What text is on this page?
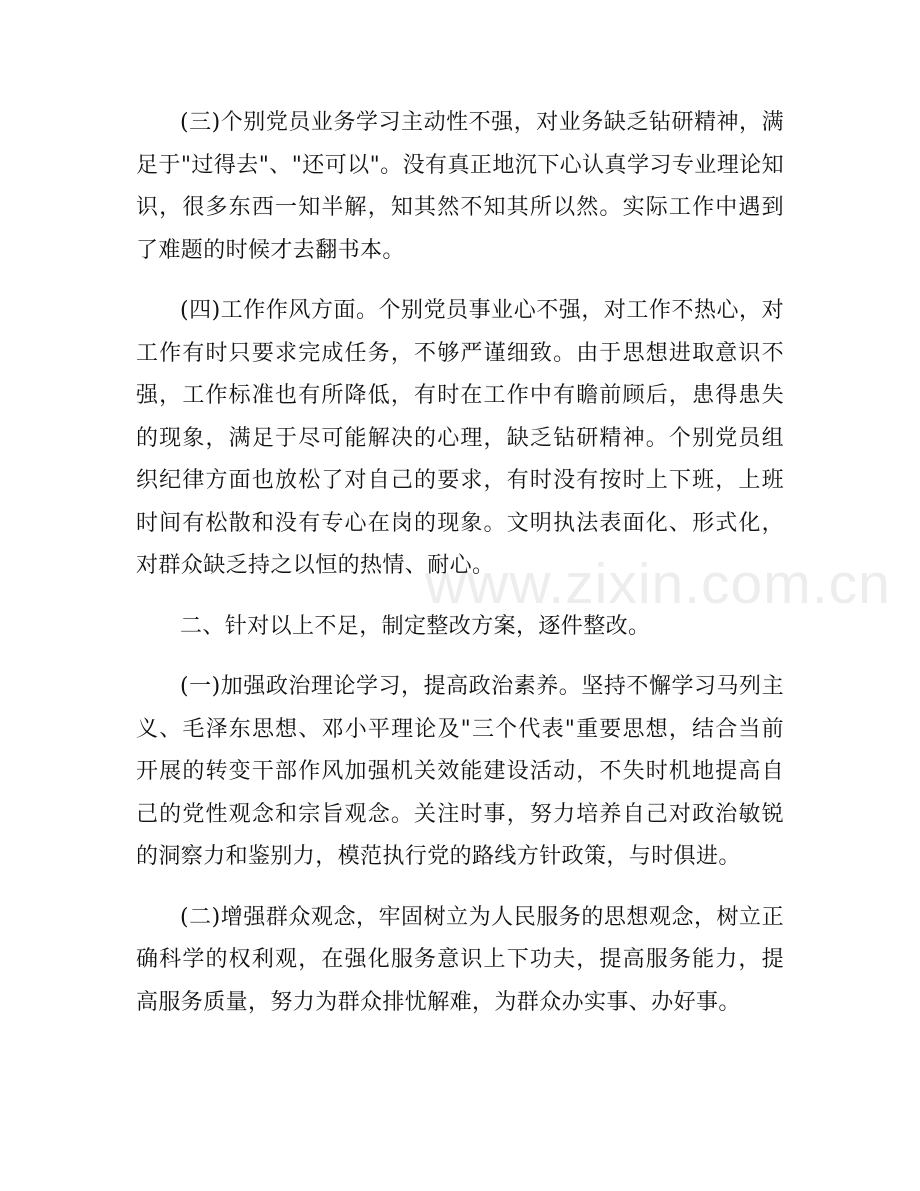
(三)个别党员业务学习主动性不强，对业务缺乏钻研精神，满足于"过得去"、"还可以"。没有真正地沉下心认真学习专业理论知识，很多东西一知半解，知其然不知其所以然。实际工作中遇到了难题的时候才去翻书本。

(四)工作作风方面。个别党员事业心不强，对工作不热心，对工作有时只要求完成任务，不够严谨细致。由于思想进取意识不强，工作标准也有所降低，有时在工作中有瞻前顾后，患得患失的现象，满足于尽可能解决的心理，缺乏钻研精神。个别党员组织纪律方面也放松了对自己的要求，有时没有按时上下班，上班时间有松散和没有专心在岗的现象。文明执法表面化、形式化，对群众缺乏持之以恒的热情、耐心。

二、针对以上不足，制定整改方案，逐件整改。

(一)加强政治理论学习，提高政治素养。坚持不懈学习马列主义、毛泽东思想、邓小平理论及"三个代表"重要思想，结合当前开展的转变干部作风加强机关效能建设活动，不失时机地提高自己的党性观念和宗旨观念。关注时事，努力培养自己对政治敏锐的洞察力和鉴别力，模范执行党的路线方针政策，与时俱进。

(二)增强群众观念，牢固树立为人民服务的思想观念，树立正确科学的权利观，在强化服务意识上下功夫，提高服务能力，提高服务质量，努力为群众排忧解难，为群众办实事、办好事。

www.zixin.com.cn
